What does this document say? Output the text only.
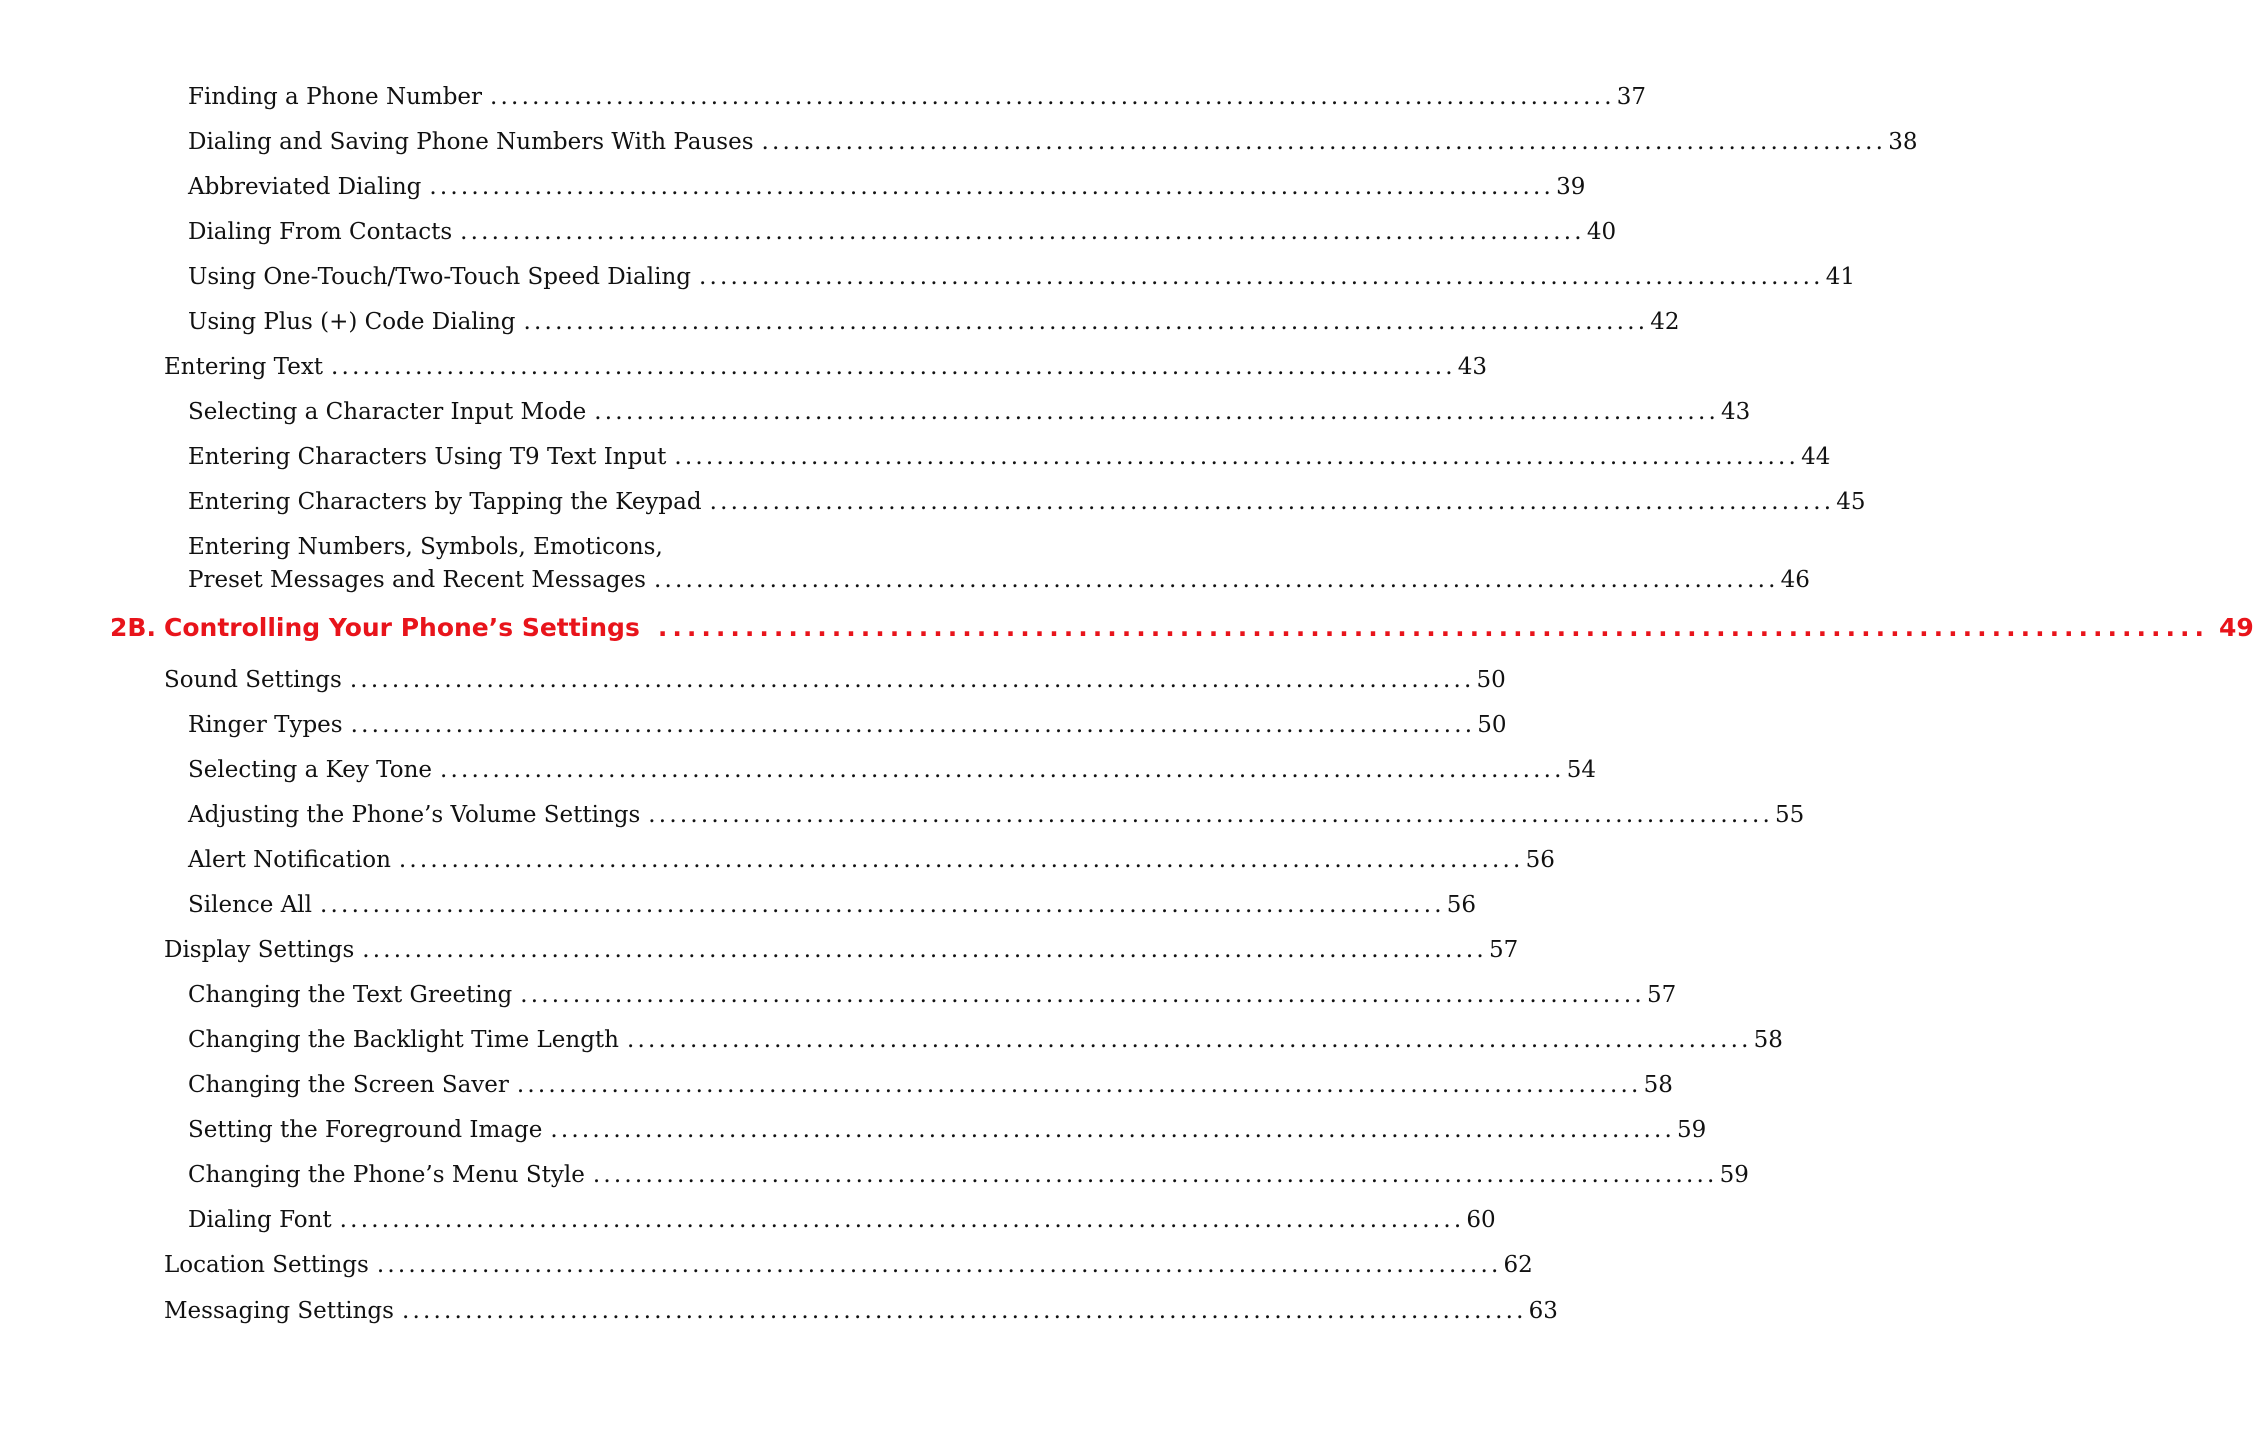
Finding a Phone Number ........................................................................................................... 37
Dialing and Saving Phone Numbers With Pauses ........................................................................................................... 38
Abbreviated Dialing ........................................................................................................... 39
Dialing From Contacts ........................................................................................................... 40
Using One-Touch/Two-Touch Speed Dialing ........................................................................................................... 41
Using Plus (+) Code Dialing ........................................................................................................... 42
Entering Text ........................................................................................................... 43
Selecting a Character Input Mode ........................................................................................................... 43
Entering Characters Using T9 Text Input ........................................................................................................... 44
Entering Characters by Tapping the Keypad ........................................................................................................... 45
Entering Numbers, Symbols, Emoticons,
Preset Messages and Recent Messages ........................................................................................................... 46
2B. Controlling Your Phone’s Settings ........................................................................................................... 49
Sound Settings ........................................................................................................... 50
Ringer Types ........................................................................................................... 50
Selecting a Key Tone ........................................................................................................... 54
Adjusting the Phone’s Volume Settings ........................................................................................................... 55
Alert Notification ........................................................................................................... 56
Silence All ........................................................................................................... 56
Display Settings ........................................................................................................... 57
Changing the Text Greeting ........................................................................................................... 57
Changing the Backlight Time Length ........................................................................................................... 58
Changing the Screen Saver ........................................................................................................... 58
Setting the Foreground Image ........................................................................................................... 59
Changing the Phone’s Menu Style ........................................................................................................... 59
Dialing Font ........................................................................................................... 60
Location Settings ........................................................................................................... 62
Messaging Settings ........................................................................................................... 63
